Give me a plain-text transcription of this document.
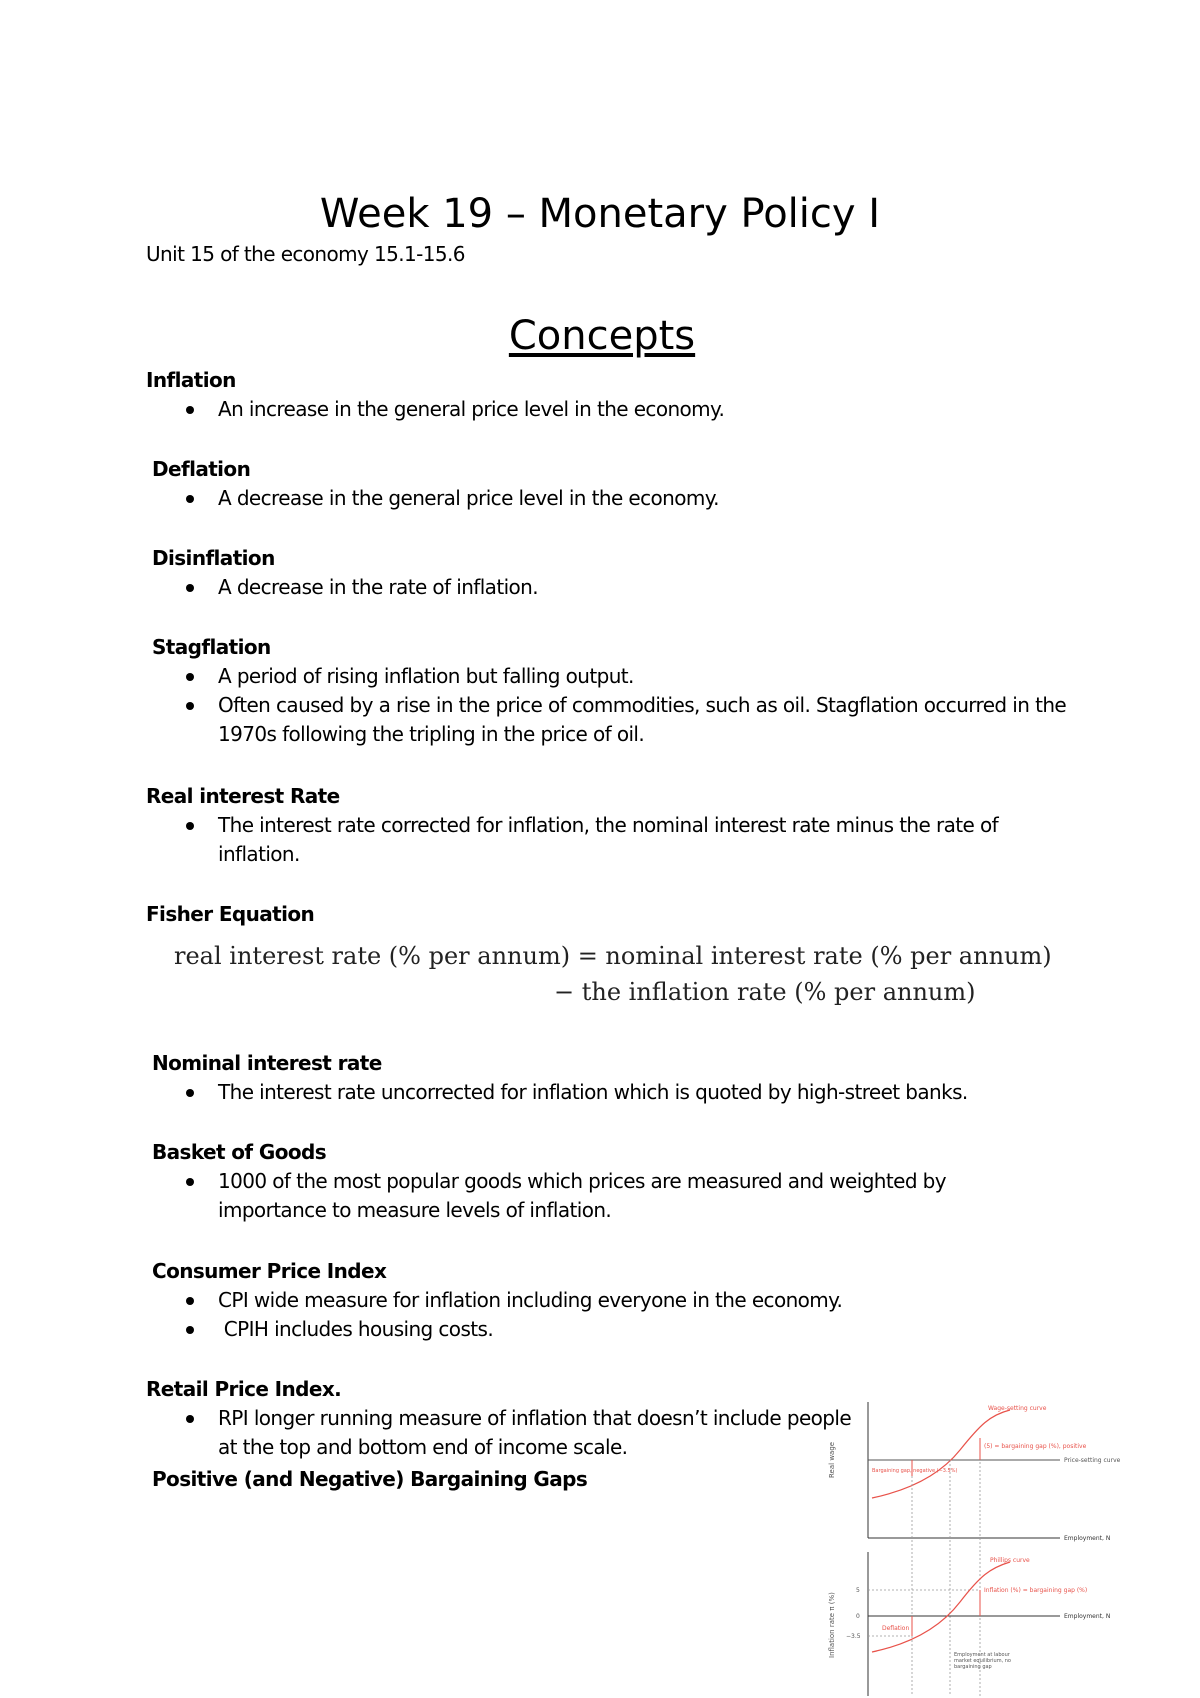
Week 19 – Monetary Policy I
Unit 15 of the economy 15.1-15.6
Concepts

Inflation

An increase in the general price level in the economy.

Deflation

A decrease in the general price level in the economy.

Disinflation

A decrease in the rate of inflation.

Stagflation

A period of rising inflation but falling output.
Often caused by a rise in the price of commodities, such as oil. Stagflation occurred in the 1970s following the tripling in the price of oil.

Real interest Rate

The interest rate corrected for inflation, the nominal interest rate minus the rate of inflation.

Fisher Equation

real interest rate (% per annum) = nominal interest rate (% per annum)
− the inflation rate (% per annum)

Nominal interest rate

The interest rate uncorrected for inflation which is quoted by high-street banks.

Basket of Goods

1000 of the most popular goods which prices are measured and weighted by importance to measure levels of inflation.

Consumer Price Index

CPI wide measure for inflation including everyone in the economy.
CPIH includes housing costs.

Retail Price Index.

RPI longer running measure of inflation that doesn’t include people at the top and bottom end of income scale.

Positive (and Negative) Bargaining Gaps

Real wage
Inflation rate π (%)
Wage-setting curve
(5) = bargaining gap (%), positive
Price-setting curve
Bargaining gap, negative (−3.5%)
Employment, N
Phillips curve
Inflation (%) = bargaining gap (%)
Employment, N
Deflation
5
0
−3.5
Employment at labour market equilibrium, no bargaining gap
